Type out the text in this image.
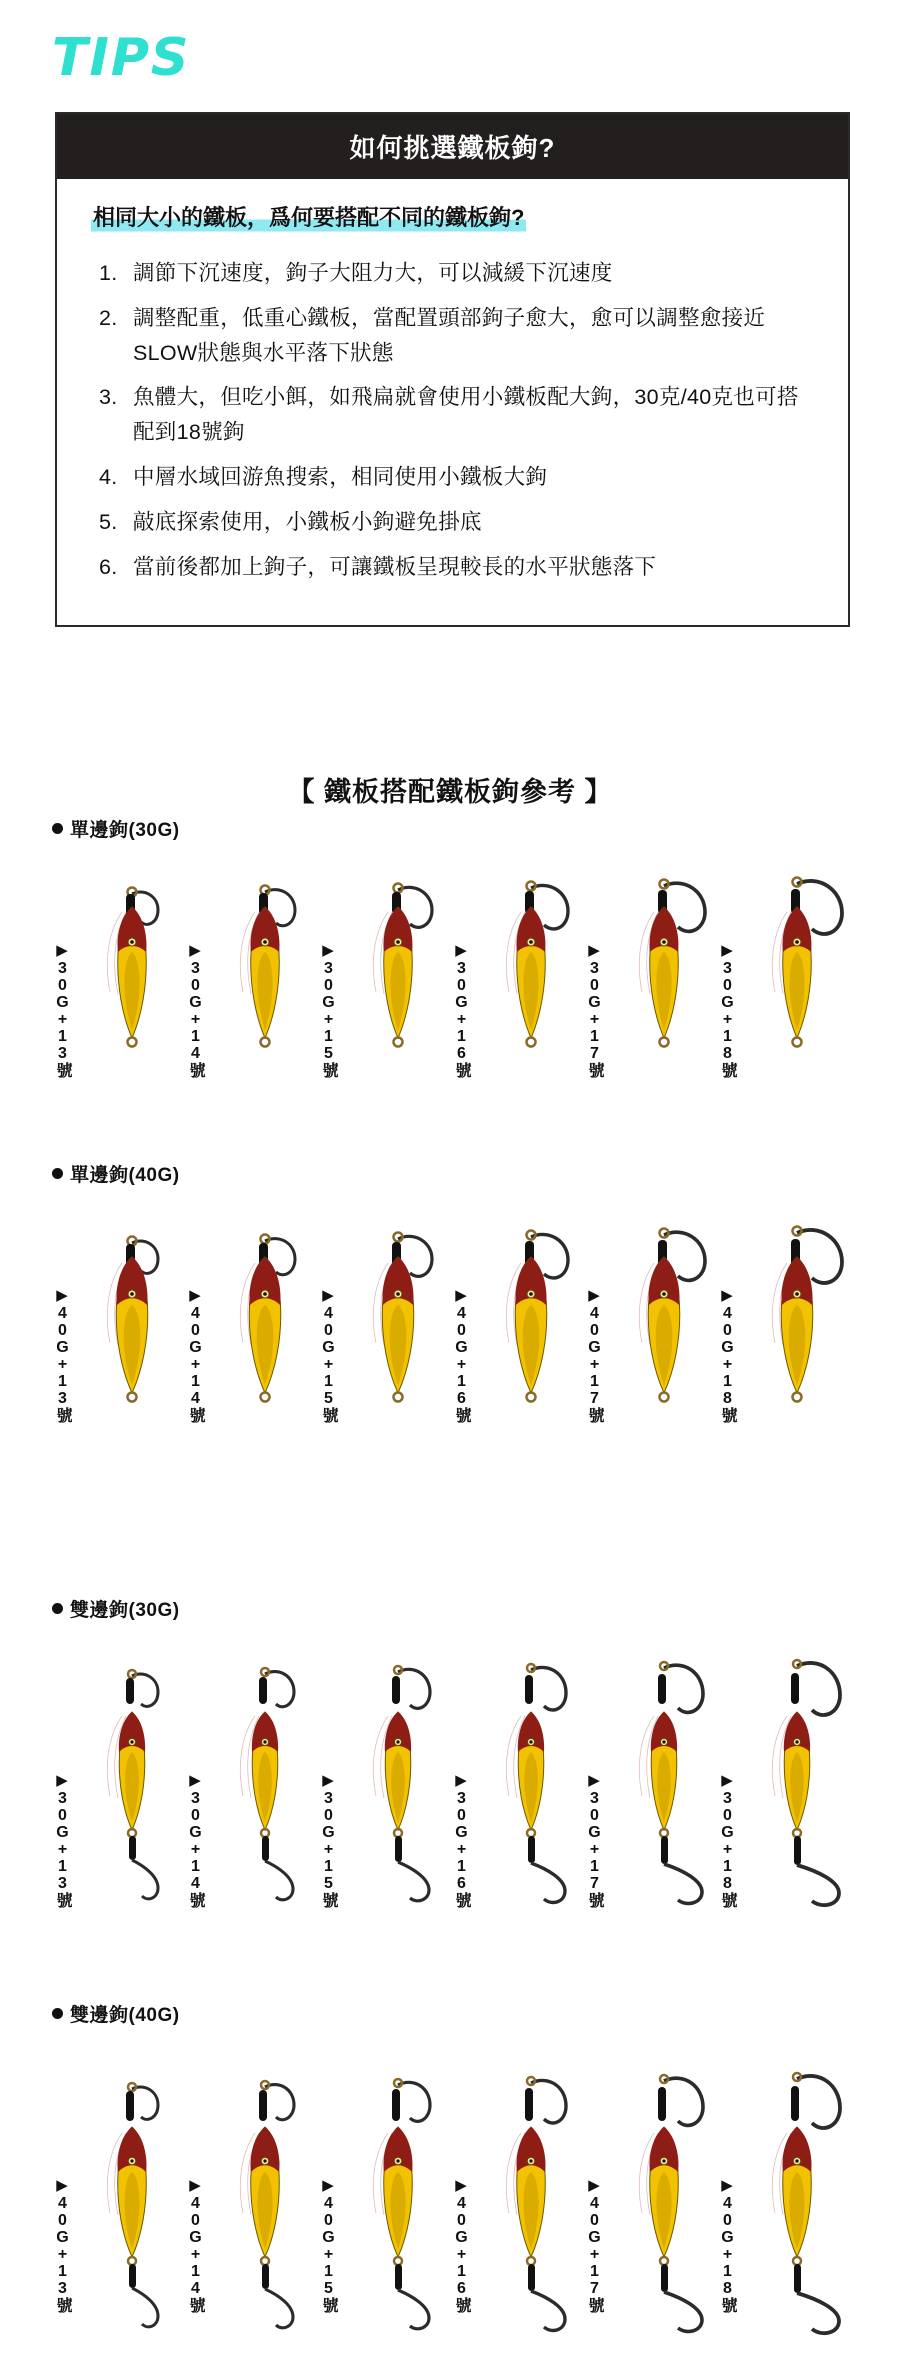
TIPS
如何挑選鐵板鉤?
相同大小的鐵板，爲何要搭配不同的鐵板鉤?
調節下沉速度，鉤子大阻力大，可以減緩下沉速度
調整配重，低重心鐵板，當配置頭部鉤子愈大，愈可以調整愈接近SLOW狀態與水平落下狀態
魚體大，但吃小餌，如飛扁就會使用小鐵板配大鉤，30克/40克也可搭配到18號鉤
中層水域回游魚搜索，相同使用小鐵板大鉤
敲底探索使用，小鐵板小鉤避免掛底
當前後都加上鉤子，可讓鐵板呈現較長的水平狀態落下
【 鐵板搭配鐵板鉤參考 】
單邊鉤(30G)
30G+13號
▶
30G+14號
▶
30G+15號
▶
30G+16號
▶
30G+17號
▶
30G+18號
▶
單邊鉤(40G)
40G+13號
▶
40G+14號
▶
40G+15號
▶
40G+16號
▶
40G+17號
▶
40G+18號
▶
雙邊鉤(30G)
30G+13號
▶
30G+14號
▶
30G+15號
▶
30G+16號
▶
30G+17號
▶
30G+18號
▶
雙邊鉤(40G)
40G+13號
▶
40G+14號
▶
40G+15號
▶
40G+16號
▶
40G+17號
▶
40G+18號
▶
